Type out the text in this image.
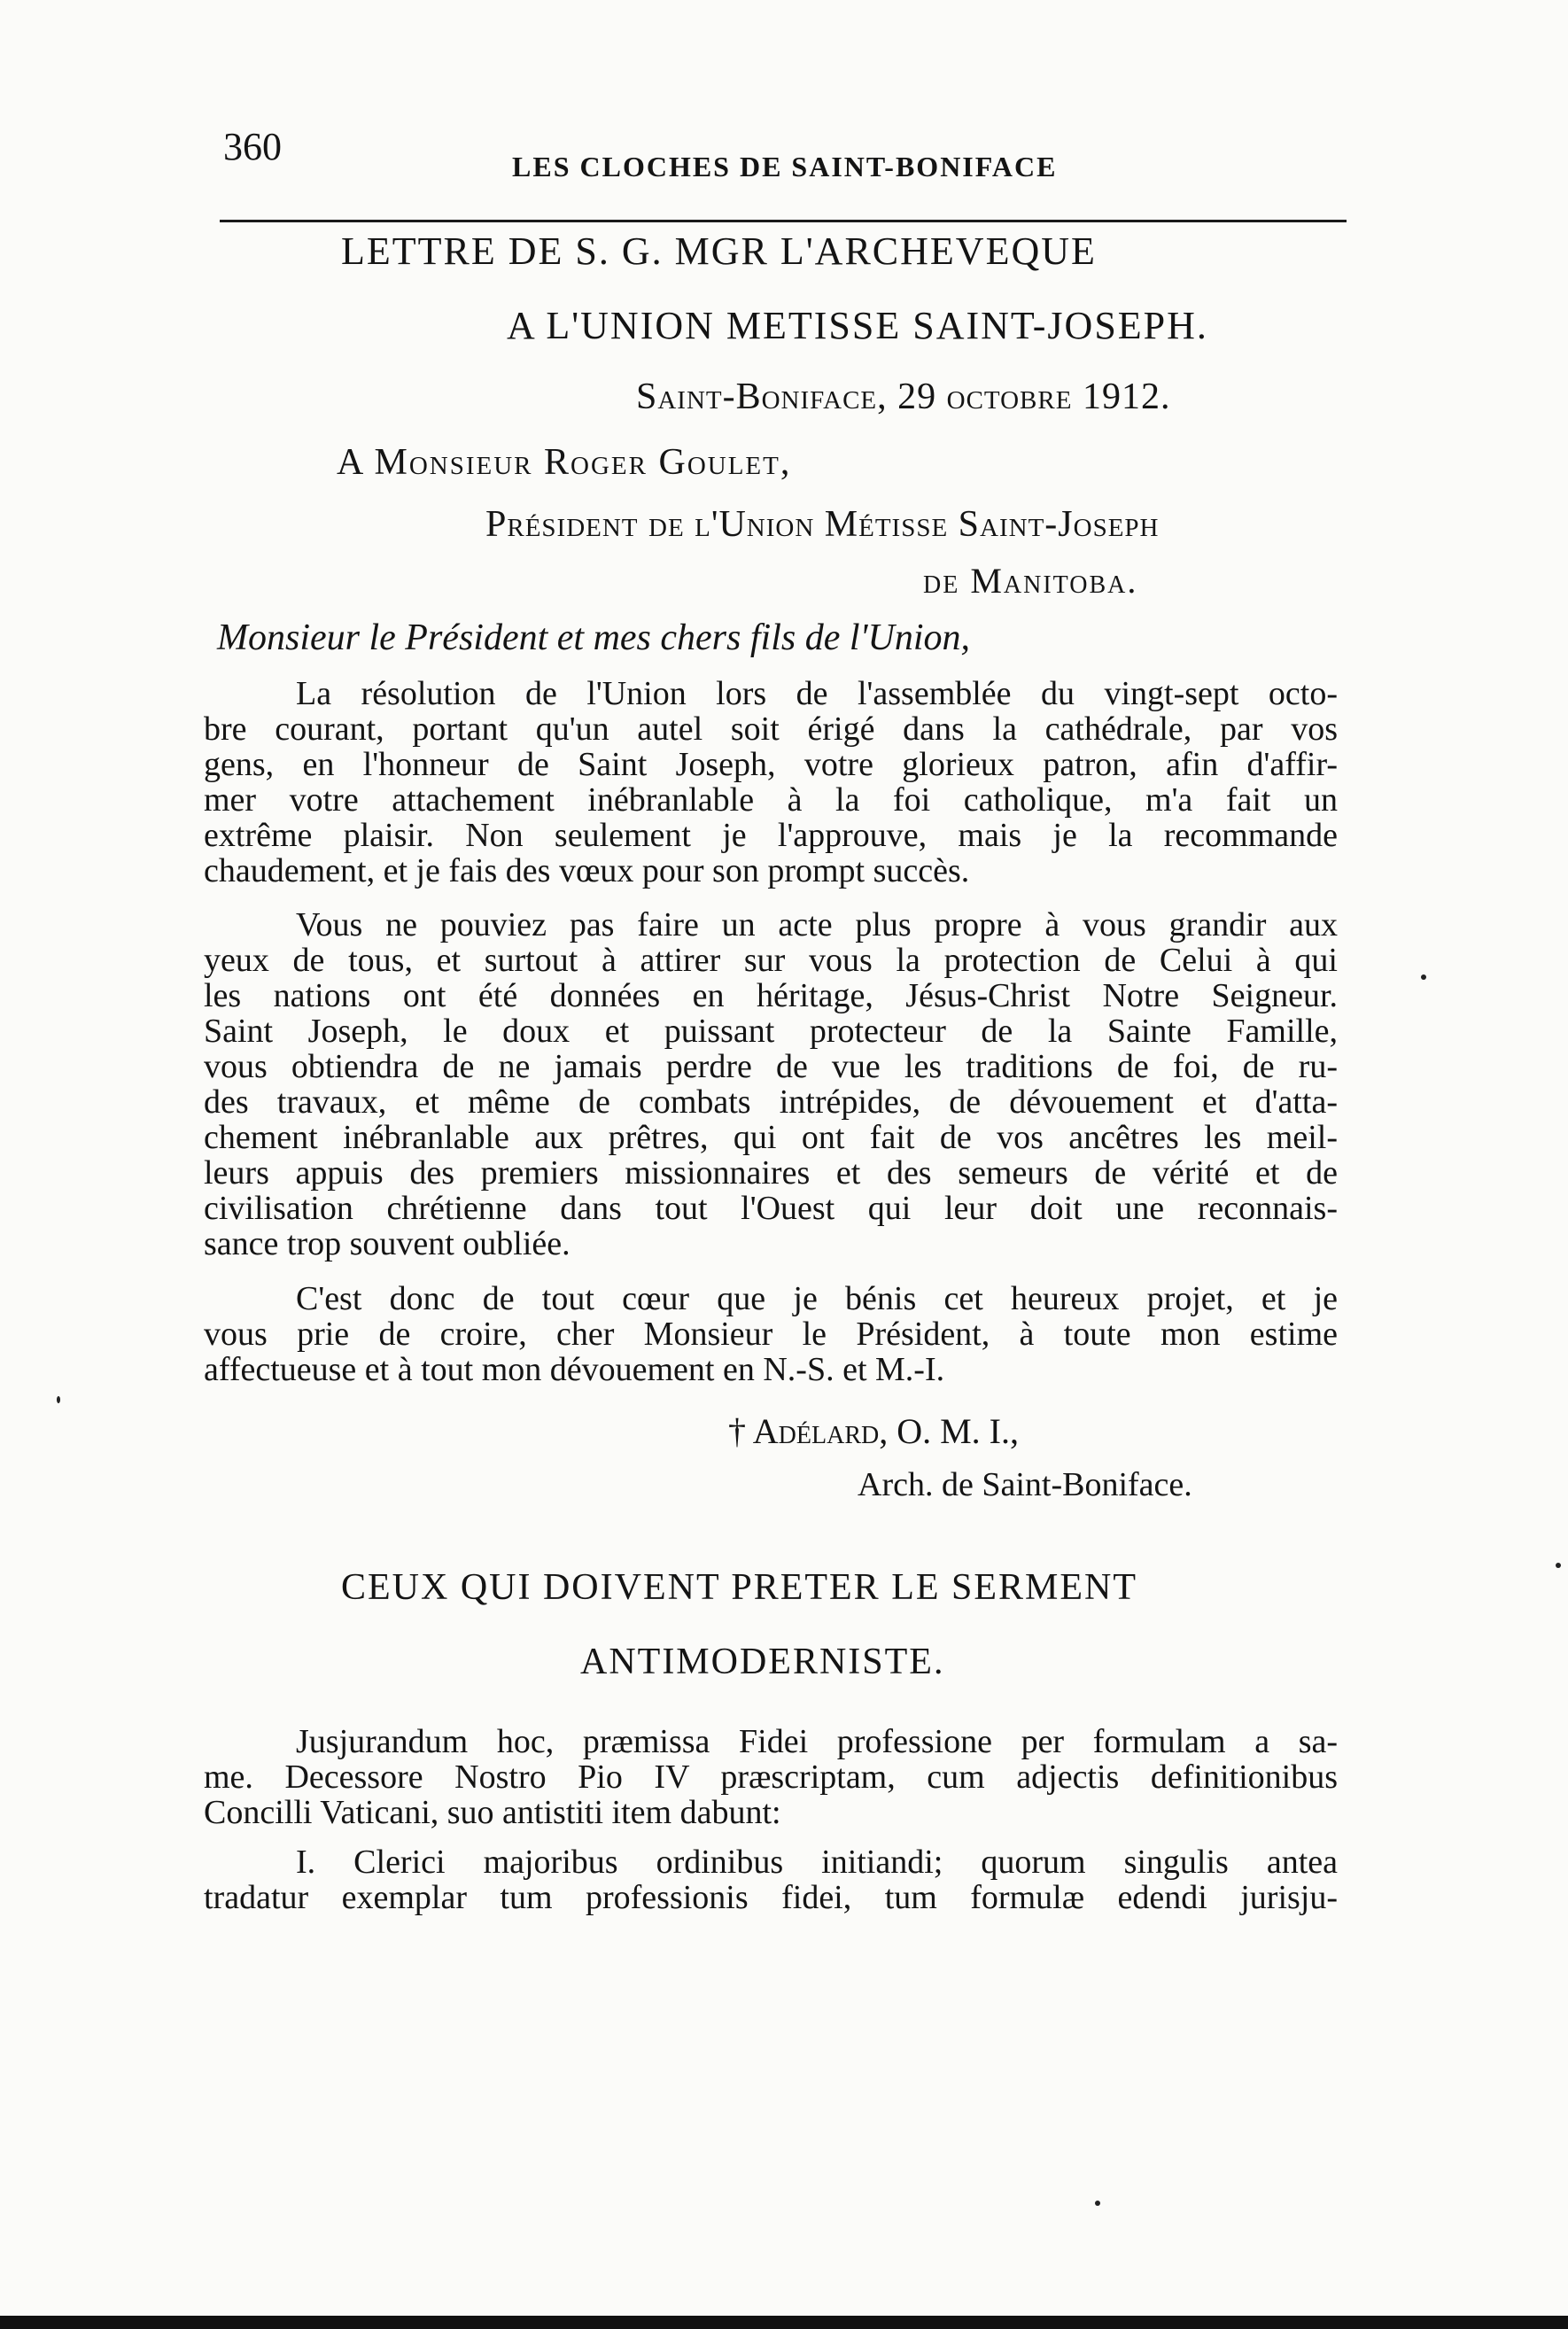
360	LES CLOCHES DE SAINT-BONIFACE
LETTRE DE S. G. MGR L'ARCHEVEQUE
A L'UNION METISSE SAINT-JOSEPH.
Saint-Boniface, 29 octobre 1912.
A Monsieur Roger Goulet,
Président de l'Union Métisse Saint-Joseph
de Manitoba.
Monsieur le Président et mes chers fils de l'Union,

La résolution de l'Union lors de l'assemblée du vingt-sept octo-

bre courant, portant qu'un autel soit érigé dans la cathédrale, par vos

gens, en l'honneur de Saint Joseph, votre glorieux patron, afin d'affir-

mer votre attachement inébranlable à la foi catholique, m'a fait un

extrême plaisir. Non seulement je l'approuve, mais je la recommande

chaudement, et je fais des vœux pour son prompt succès.

Vous ne pouviez pas faire un acte plus propre à vous grandir aux

yeux de tous, et surtout à attirer sur vous la protection de Celui à qui

les nations ont été données en héritage, Jésus-Christ Notre Seigneur.

Saint Joseph, le doux et puissant protecteur de la Sainte Famille,

vous obtiendra de ne jamais perdre de vue les traditions de foi, de ru-

des travaux, et même de combats intrépides, de dévouement et d'atta-

chement inébranlable aux prêtres, qui ont fait de vos ancêtres les meil-

leurs appuis des premiers missionnaires et des semeurs de vérité et de

civilisation chrétienne dans tout l'Ouest qui leur doit une reconnais-

sance trop souvent oubliée.

C'est donc de tout cœur que je bénis cet heureux projet, et je

vous prie de croire, cher Monsieur le Président, à toute mon estime

affectueuse et à tout mon dévouement en N.-S. et M.-I.

† Adélard, O. M. I.,
Arch. de Saint-Boniface.
CEUX QUI DOIVENT PRETER LE SERMENT
ANTIMODERNISTE.

Jusjurandum hoc, præmissa Fidei professione per formulam a sa-

me. Decessore Nostro Pio IV præscriptam, cum adjectis definitionibus

Concilli Vaticani, suo antistiti item dabunt:

I. Clerici majoribus ordinibus initiandi; quorum singulis antea

tradatur exemplar tum professionis fidei, tum formulæ edendi jurisju-
